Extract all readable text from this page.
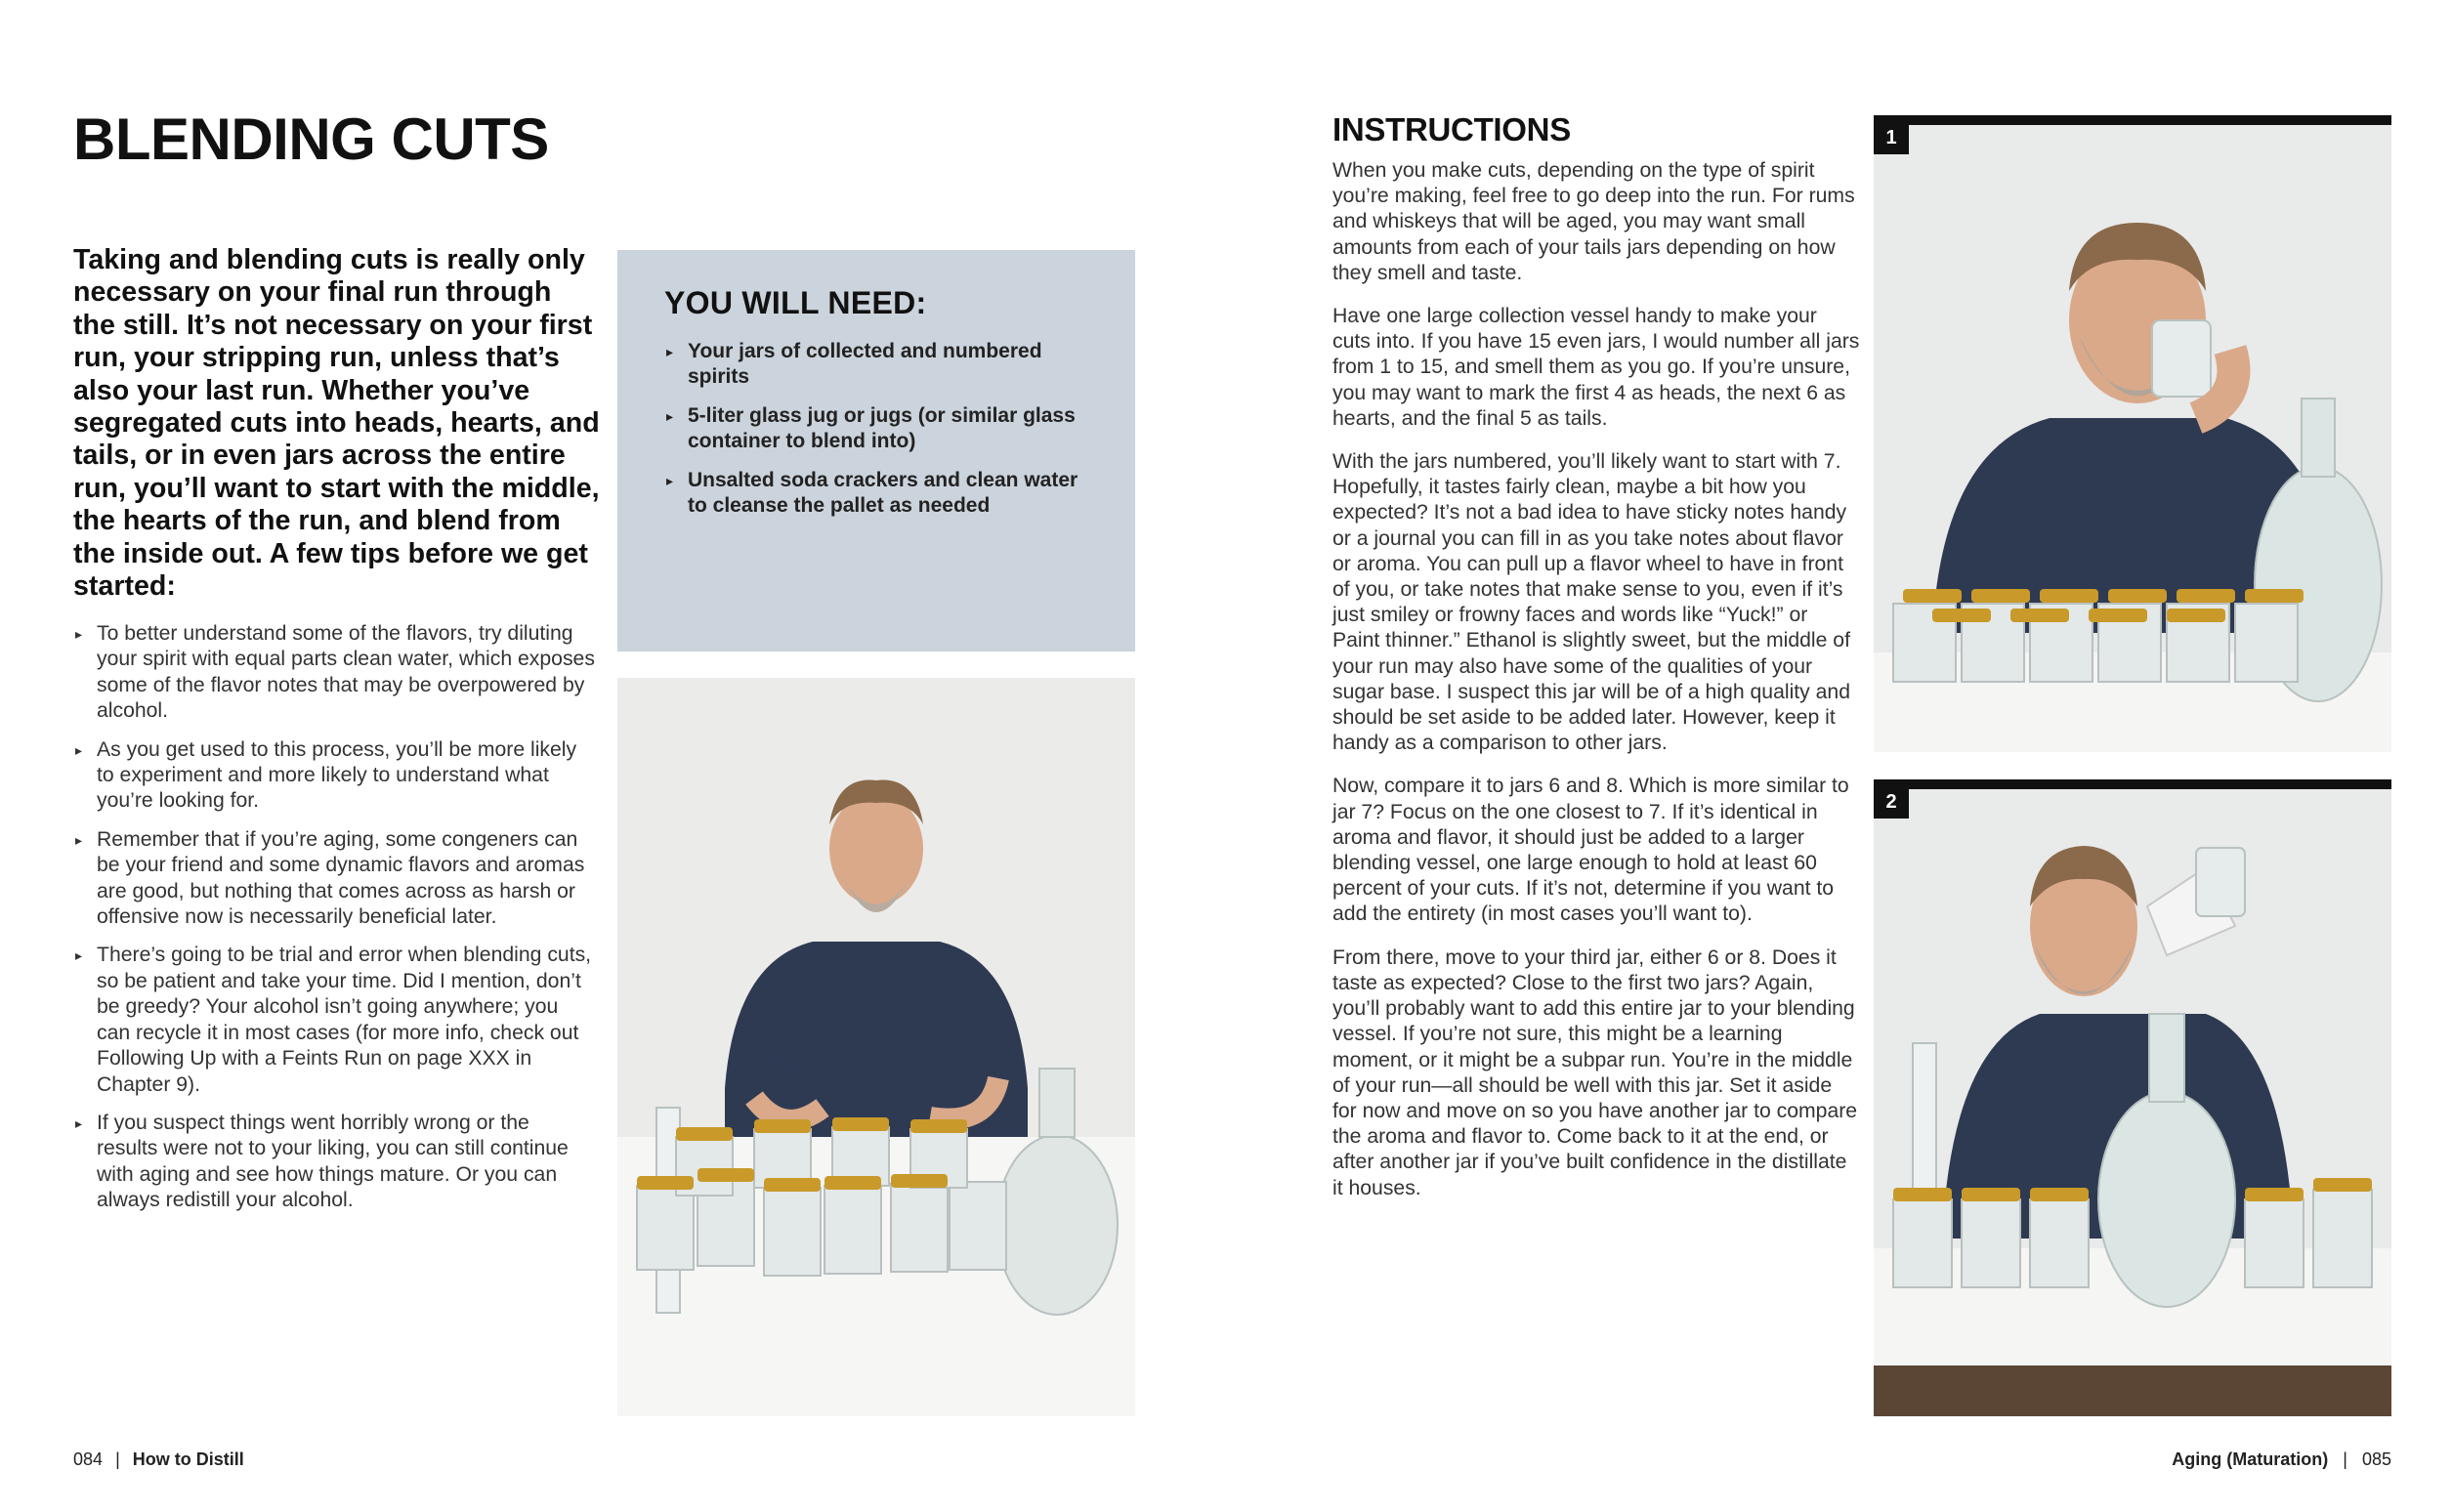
BLENDING CUTS

Taking and blending cuts is really only necessary on your final run through the still. It’s not necessary on your first run, your stripping run, unless that’s also your last run. Whether you’ve segregated cuts into heads, hearts, and tails, or in even jars across the entire run, you’ll want to start with the middle, the hearts of the run, and blend from the inside out. A few tips before we get started:

▸ To better understand some of the flavors, try diluting your spirit with equal parts clean water, which exposes some of the flavor notes that may be overpowered by alcohol.
▸ As you get used to this process, you’ll be more likely to experiment and more likely to understand what you’re looking for.
▸ Remember that if you’re aging, some congeners can be your friend and some dynamic flavors and aromas are good, but nothing that comes across as harsh or offensive now is necessarily beneficial later.
▸ There’s going to be trial and error when blending cuts, so be patient and take your time. Did I mention, don’t be greedy? Your alcohol isn’t going anywhere; you can recycle it in most cases (for more info, check out Following Up with a Feints Run on page XXX in Chapter 9).
▸ If you suspect things went horribly wrong or the results were not to your liking, you can still continue with aging and see how things mature. Or you can always redistill your alcohol.
YOU WILL NEED:
▸ Your jars of collected and numbered spirits
▸ 5-liter glass jug or jugs (or similar glass container to blend into)
▸ Unsalted soda crackers and clean water to cleanse the pallet as needed
084 | How to Distill
INSTRUCTIONS

When you make cuts, depending on the type of spirit you’re making, feel free to go deep into the run. For rums and whiskeys that will be aged, you may want small amounts from each of your tails jars depending on how they smell and taste.

Have one large collection vessel handy to make your cuts into. If you have 15 even jars, I would number all jars from 1 to 15, and smell them as you go. If you’re unsure, you may want to mark the first 4 as heads, the next 6 as hearts, and the final 5 as tails.

With the jars numbered, you’ll likely want to start with 7. Hopefully, it tastes fairly clean, maybe a bit how you expected? It’s not a bad idea to have sticky notes handy or a journal you can fill in as you take notes about flavor or aroma. You can pull up a flavor wheel to have in front of you, or take notes that make sense to you, even if it’s just smiley or frowny faces and words like “Yuck!” or Paint thinner.” Ethanol is slightly sweet, but the middle of your run may also have some of the qualities of your sugar base. I suspect this jar will be of a high quality and should be set aside to be added later. However, keep it handy as a comparison to other jars.

Now, compare it to jars 6 and 8. Which is more similar to jar 7? Focus on the one closest to 7. If it’s identical in aroma and flavor, it should just be added to a larger blending vessel, one large enough to hold at least 60 percent of your cuts. If it’s not, determine if you want to add the entirety (in most cases you’ll want to).

From there, move to your third jar, either 6 or 8. Does it taste as expected? Close to the first two jars? Again, you’ll probably want to add this entire jar to your blending vessel. If you’re not sure, this might be a learning moment, or it might be a subpar run. You’re in the middle of your run—all should be well with this jar. Set it aside for now and move on so you have another jar to compare the aroma and flavor to. Come back to it at the end, or after another jar if you’ve built confidence in the distillate it houses.

1
2
Aging (Maturation) | 085
